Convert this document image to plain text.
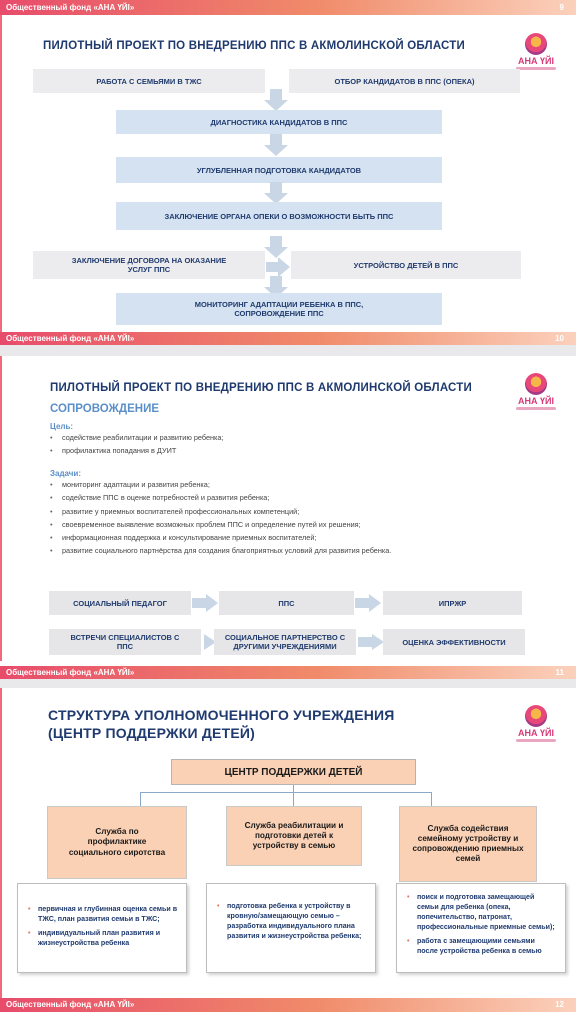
Общественный фонд «АНА ҮЙІ»	9
ПИЛОТНЫЙ ПРОЕКТ ПО ВНЕДРЕНИЮ ППС В АКМОЛИНСКОЙ ОБЛАСТИ
АНА ҮЙІ
РАБОТА С СЕМЬЯМИ В ТЖС	ОТБОР КАНДИДАТОВ В ППС (ОПЕКА)
ДИАГНОСТИКА КАНДИДАТОВ В ППС
УГЛУБЛЕННАЯ ПОДГОТОВКА КАНДИДАТОВ
ЗАКЛЮЧЕНИЕ ОРГАНА ОПЕКИ О ВОЗМОЖНОСТИ БЫТЬ ППС
ЗАКЛЮЧЕНИЕ ДОГОВОРА НА ОКАЗАНИЕ УСЛУГ ППС	УСТРОЙСТВО ДЕТЕЙ В ППС
МОНИТОРИНГ АДАПТАЦИИ РЕБЕНКА В ППС, СОПРОВОЖДЕНИЕ ППС
Общественный фонд «АНА ҮЙІ»	10
ПИЛОТНЫЙ ПРОЕКТ ПО ВНЕДРЕНИЮ ППС В АКМОЛИНСКОЙ ОБЛАСТИ
АНА ҮЙІ
СОПРОВОЖДЕНИЕ
Цель:
• содействие реабилитации и развитию ребенка;
• профилактика попадания в ДУИТ
Задачи:
• мониторинг адаптации и развития ребенка;
• содействие ППС в оценке потребностей и развития ребенка;
• развитие у приемных воспитателей профессиональных компетенций;
• своевременное выявление возможных проблем ППС и определение путей их решения;
• информационная поддержка и консультирование приемных воспитателей;
• развитие социального партнёрства для создания благоприятных условий для развития ребенка.
СОЦИАЛЬНЫЙ ПЕДАГОГ	ППС	ИПРЖР
ВСТРЕЧИ СПЕЦИАЛИСТОВ С ППС
СОЦИАЛЬНОЕ ПАРТНЕРСТВО С ДРУГИМИ УЧРЕЖДЕНИЯМИ	ОЦЕНКА ЭФФЕКТИВНОСТИ
Общественный фонд «АНА ҮЙІ»	11
СТРУКТУРА УПОЛНОМОЧЕННОГО УЧРЕЖДЕНИЯ
(ЦЕНТР ПОДДЕРЖКИ ДЕТЕЙ)	АНА ҮЙІ
ЦЕНТР ПОДДЕРЖКИ ДЕТЕЙ
Служба по профилактике социального сиротства
Служба реабилитации и подготовки детей к устройству в семью
Служба содействия семейному устройству и сопровождению приемных семей
• первичная и глубинная оценка семьи в ТЖС, план развития семьи в ТЖС;
• индивидуальный план развития и жизнеустройства ребенка
• подготовка ребенка к устройству в кровную/замещающую семью – разработка индивидуального плана развития и жизнеустройства ребенка;
• поиск и подготовка замещающей семьи для ребенка (опека, попечительство, патронат, профессиональные приемные семьи);
• работа с замещающими семьями после устройства ребенка в семью
Общественный фонд «АНА ҮЙІ»	12
